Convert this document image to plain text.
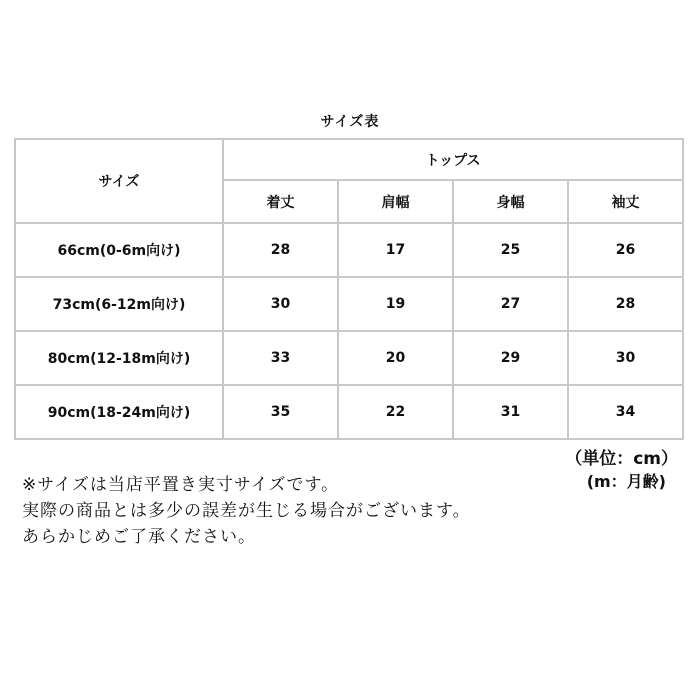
サイズ表
サイズ	トップス			
	着丈	肩幅	身幅	袖丈
66cm(0-6m向け)	28	17	25	26
73cm(6-12m向け)	30	19	27	28
80cm(12-18m向け)	33	20	29	30
90cm(18-24m向け)	35	22	31	34
（単位：cm）
(m：月齢)
※サイズは当店平置き実寸サイズです。
実際の商品とは多少の誤差が生じる場合がございます。
あらかじめご了承ください。
